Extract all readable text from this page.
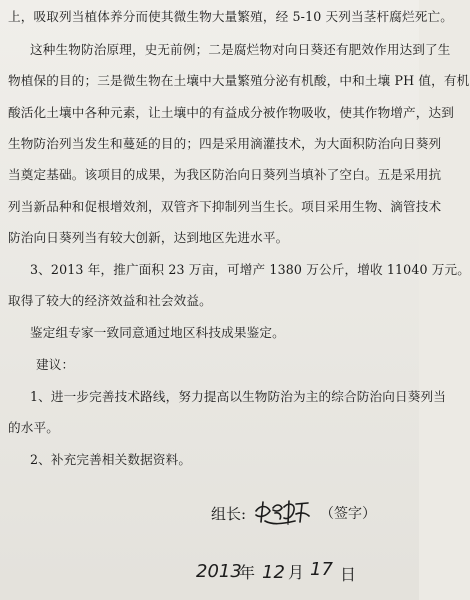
上，吸取列当植体养分而使其微生物大量繁殖，经 5-10 天列当茎杆腐烂死亡。
这种生物防治原理，史无前例；二是腐烂物对向日葵还有肥效作用达到了生
物植保的目的；三是微生物在土壤中大量繁殖分泌有机酸，中和土壤 PH 值，有机
酸活化土壤中各种元素，让土壤中的有益成分被作物吸收，使其作物增产，达到
生物防治列当发生和蔓延的目的；四是采用滴灌技术，为大面积防治向日葵列
当奠定基础。该项目的成果，为我区防治向日葵列当填补了空白。五是采用抗
列当新品种和促根增效剂，双管齐下抑制列当生长。项目采用生物、滴管技术
防治向日葵列当有较大创新，达到地区先进水平。
3、2013 年，推广面积 23 万亩，可增产 1380 万公斤，增收 11040 万元。
取得了较大的经济效益和社会效益。
鉴定组专家一致同意通过地区科技成果鉴定。
建议：
1、进一步完善技术路线，努力提高以生物防治为主的综合防治向日葵列当
的水平。
2、补充完善相关数据资料。
组长:	（签字）
2013
年 12 月 17 日
